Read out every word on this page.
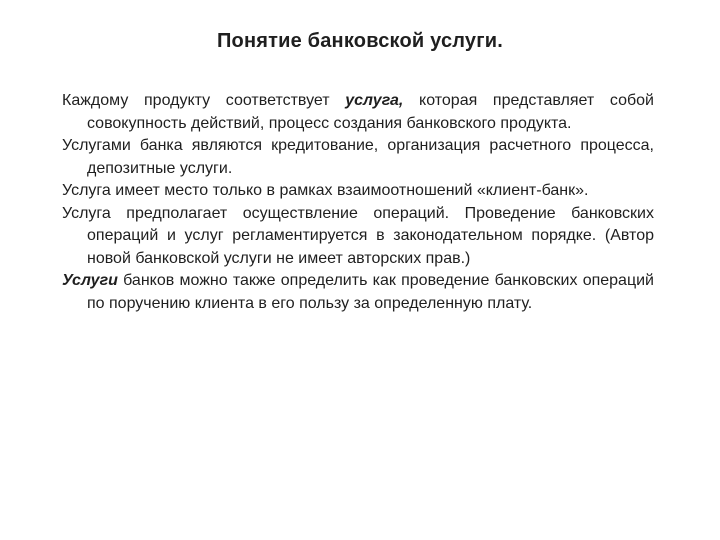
Понятие банковской услуги.

Каждому продукту соответствует услуга, которая представляет собой совокупность действий, процесс создания банковского продукта.

Услугами банка являются кредитование, организация расчетного процесса, депозитные услуги.

Услуга имеет место только в рамках взаимоотношений «клиент-банк».

Услуга предполагает осуществление операций. Проведение банковских операций и услуг регламентируется в законодательном порядке. (Автор новой банковской услуги не имеет авторских прав.)

Услуги банков можно также определить как проведение банковских операций по поручению клиента в его пользу за определенную плату.
